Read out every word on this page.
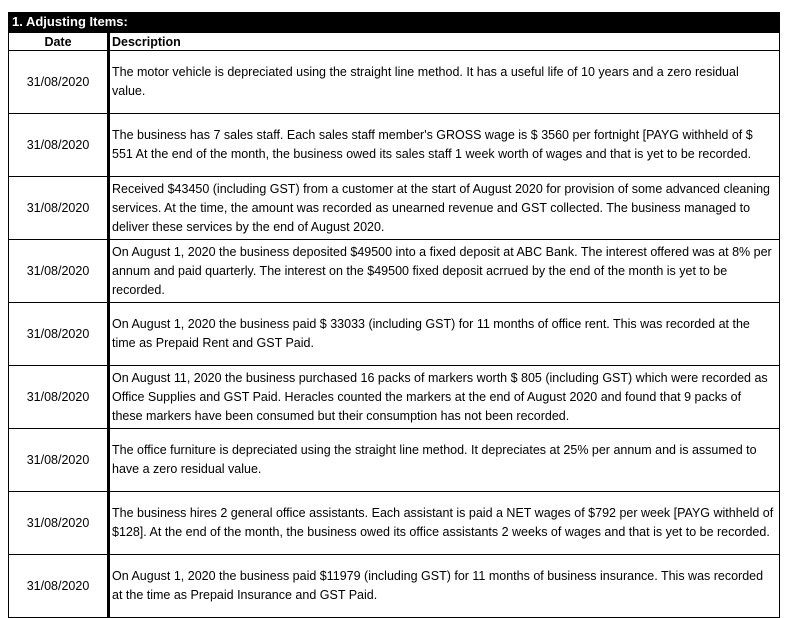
1. Adjusting Items:
Date	Description
31/08/2020	The motor vehicle is depreciated using the straight line method. It has a useful life of 10 years and a zero residual value.
31/08/2020	The business has 7 sales staff. Each sales staff member's GROSS wage is $ 3560 per fortnight [PAYG withheld of $ 551 At the end of the month, the business owed its sales staff 1 week worth of wages and that is yet to be recorded.
31/08/2020	Received $43450 (including GST) from a customer at the start of August 2020 for provision of some advanced cleaning services. At the time, the amount was recorded as unearned revenue and GST collected. The business managed to deliver these services by the end of August 2020.
31/08/2020	On August 1, 2020 the business deposited $49500 into a fixed deposit at ABC Bank. The interest offered was at 8% per annum and paid quarterly. The interest on the $49500 fixed deposit acrrued by the end of the month is yet to be recorded.
31/08/2020	On August 1, 2020 the business paid $ 33033 (including GST) for 11 months of office rent. This was recorded at the time as Prepaid Rent and GST Paid.
31/08/2020	On August 11, 2020 the business purchased 16 packs of markers worth $ 805 (including GST) which were recorded as Office Supplies and GST Paid. Heracles counted the markers at the end of August 2020 and found that 9 packs of these markers have been consumed but their consumption has not been recorded.
31/08/2020	The office furniture is depreciated using the straight line method. It depreciates at 25% per annum and is assumed to have a zero residual value.
31/08/2020	The business hires 2 general office assistants. Each assistant is paid a NET wages of $792 per week [PAYG withheld of $128]. At the end of the month, the business owed its office assistants 2 weeks of wages and that is yet to be recorded.
31/08/2020	On August 1, 2020 the business paid $11979 (including GST) for 11 months of business insurance. This was recorded at the time as Prepaid Insurance and GST Paid.
